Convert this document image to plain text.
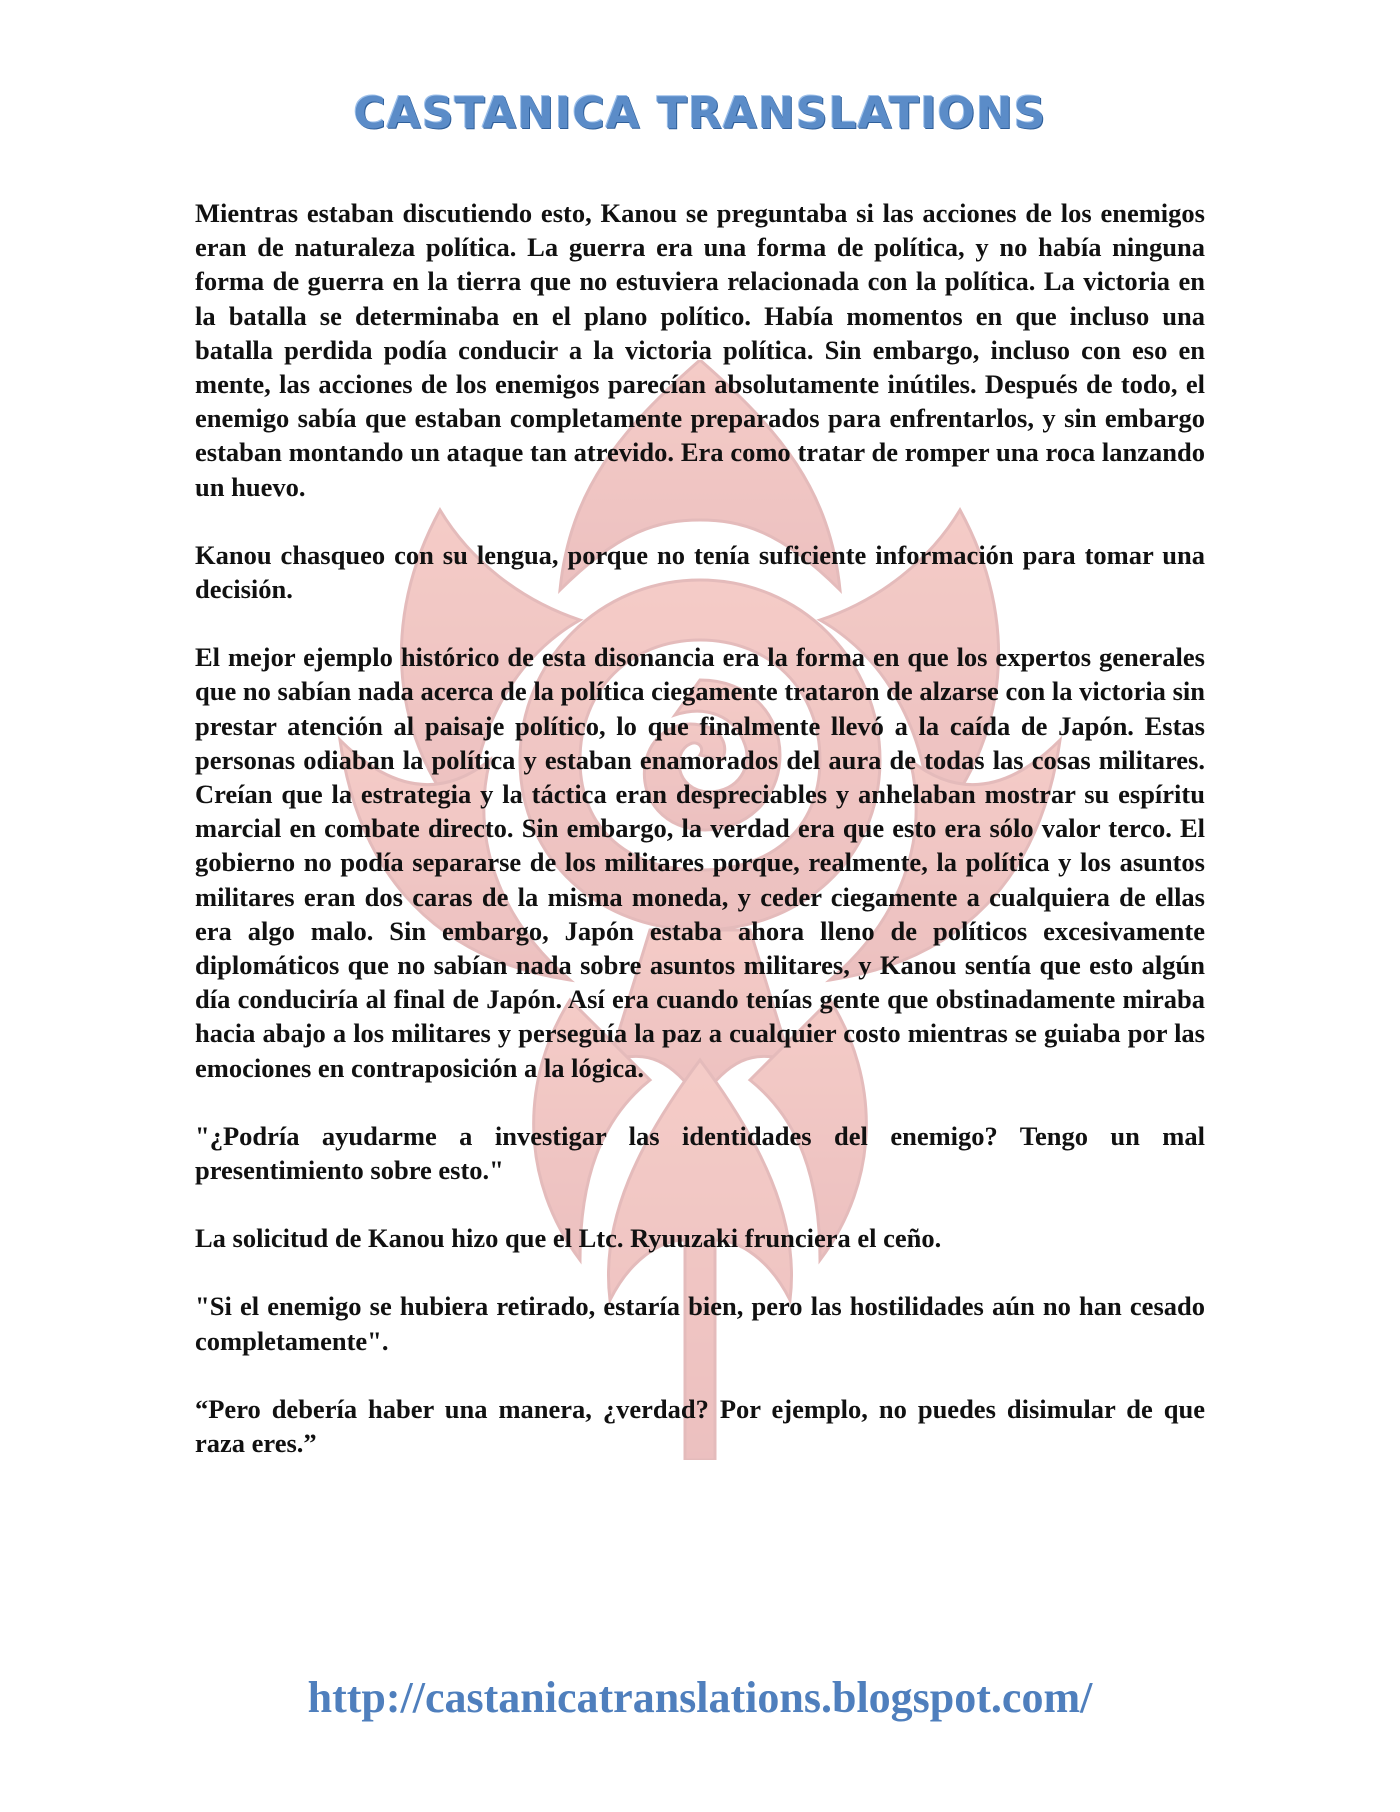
CASTANICA TRANSLATIONS

Mientras estaban discutiendo esto, Kanou se preguntaba si las acciones de los enemigos eran de naturaleza política. La guerra era una forma de política, y no había ninguna forma de guerra en la tierra que no estuviera relacionada con la política. La victoria en la batalla se determinaba en el plano político. Había momentos en que incluso una batalla perdida podía conducir a la victoria política. Sin embargo, incluso con eso en mente, las acciones de los enemigos parecían absolutamente inútiles. Después de todo, el enemigo sabía que estaban completamente preparados para enfrentarlos, y sin embargo estaban montando un ataque tan atrevido. Era como tratar de romper una roca lanzando un huevo.

Kanou chasqueo con su lengua, porque no tenía suficiente información para tomar una decisión.

El mejor ejemplo histórico de esta disonancia era la forma en que los expertos generales que no sabían nada acerca de la política ciegamente trataron de alzarse con la victoria sin prestar atención al paisaje político, lo que finalmente llevó a la caída de Japón. Estas personas odiaban la política y estaban enamorados del aura de todas las cosas militares. Creían que la estrategia y la táctica eran despreciables y anhelaban mostrar su espíritu marcial en combate directo. Sin embargo, la verdad era que esto era sólo valor terco. El gobierno no podía separarse de los militares porque, realmente, la política y los asuntos militares eran dos caras de la misma moneda, y ceder ciegamente a cualquiera de ellas era algo malo. Sin embargo, Japón estaba ahora lleno de políticos excesivamente diplomáticos que no sabían nada sobre asuntos militares, y Kanou sentía que esto algún día conduciría al final de Japón. Así era cuando tenías gente que obstinadamente miraba hacia abajo a los militares y perseguía la paz a cualquier costo mientras se guiaba por las emociones en contraposición a la lógica.

"¿Podría ayudarme a investigar las identidades del enemigo? Tengo un mal presentimiento sobre esto."

La solicitud de Kanou hizo que el Ltc. Ryuuzaki frunciera el ceño.

"Si el enemigo se hubiera retirado, estaría bien, pero las hostilidades aún no han cesado completamente".

“Pero debería haber una manera, ¿verdad? Por ejemplo, no puedes disimular de que raza eres.”

http://castanicatranslations.blogspot.com/
